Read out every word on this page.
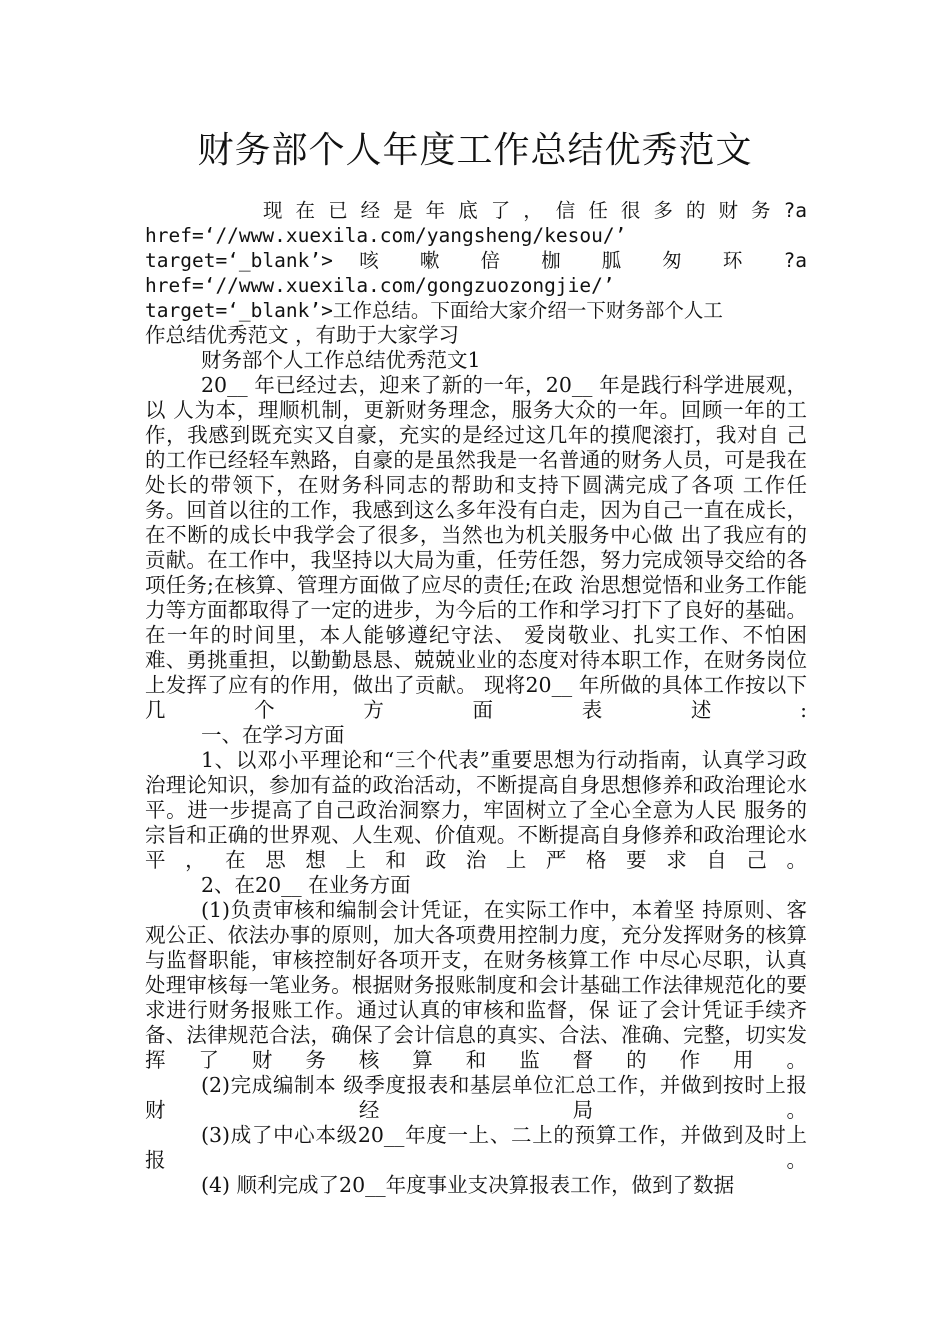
财务部个人年度工作总结优秀范文
现 在 已 经 是 年 底 了 ， 信 任 很 多 的 财 务 ?a
href=‘//www.xuexila.com/yangsheng/kesou/’
target=‘_blank’> 咳 嗽 倍 枷 胍 匆 环 ?a
href=‘//www.xuexila.com/gongzuozongjie/’
target=‘_blank’>工作总结。下面给大家介绍一下财务部个人工
作总结优秀范文 ，有助于大家学习

财务部个人工作总结优秀范文1

20__ 年已经过去，迎来了新的一年，20__ 年是践行科学进展观，以 人为本，理顺机制，更新财务理念，服务大众的一年。回顾一年的工作，我感到既充实又自豪，充实的是经过这几年的摸爬滚打，我对自 己的工作已经轻车熟路，自豪的是虽然我是一名普通的财务人员，可是我在处长的带领下，在财务科同志的帮助和支持下圆满完成了各项 工作任务。回首以往的工作，我感到这么多年没有白走，因为自己一直在成长，在不断的成长中我学会了很多，当然也为机关服务中心做 出了我应有的贡献。在工作中，我坚持以大局为重，任劳任怨，努力完成领导交给的各项任务;在核算、管理方面做了应尽的责任;在政 治思想觉悟和业务工作能力等方面都取得了一定的进步，为今后的工作和学习打下了良好的基础。在一年的时间里，本人能够遵纪守法、 爱岗敬业、扎实工作、不怕困难、勇挑重担，以勤勤恳恳、兢兢业业的态度对待本职工作，在财务岗位上发挥了应有的作用，做出了贡献。 现将20__ 年所做的具体工作按以下几个方面表述:

一、在学习方面

1、以邓小平理论和“三个代表”重要思想为行动指南，认真学习政 治理论知识，参加有益的政治活动，不断提高自身思想修养和政治理论水平。进一步提高了自己政治洞察力，牢固树立了全心全意为人民 服务的宗旨和正确的世界观、人生观、价值观。不断提高自身修养和政治理论水平，在思想上和政治上严格要求自己。

2、在20__ 在业务方面

(1)负责审核和编制会计凭证，在实际工作中，本着坚 持原则、客观公正、依法办事的原则，加大各项费用控制力度，充分发挥财务的核算与监督职能，审核控制好各项开支，在财务核算工作 中尽心尽职，认真处理审核每一笔业务。根据财务报账制度和会计基础工作法律规范化的要求进行财务报账工作。通过认真的审核和监督，保 证了会计凭证手续齐备、法律规范合法，确保了会计信息的真实、合法、准确、完整，切实发挥了财务核算和监督的作用。

(2)完成编制本 级季度报表和基层单位汇总工作，并做到按时上报财经局。

(3)成了中心本级20__年度一上、二上的预算工作，并做到及时上报。

(4) 顺利完成了20__年度事业支决算报表工作，做到了数据
